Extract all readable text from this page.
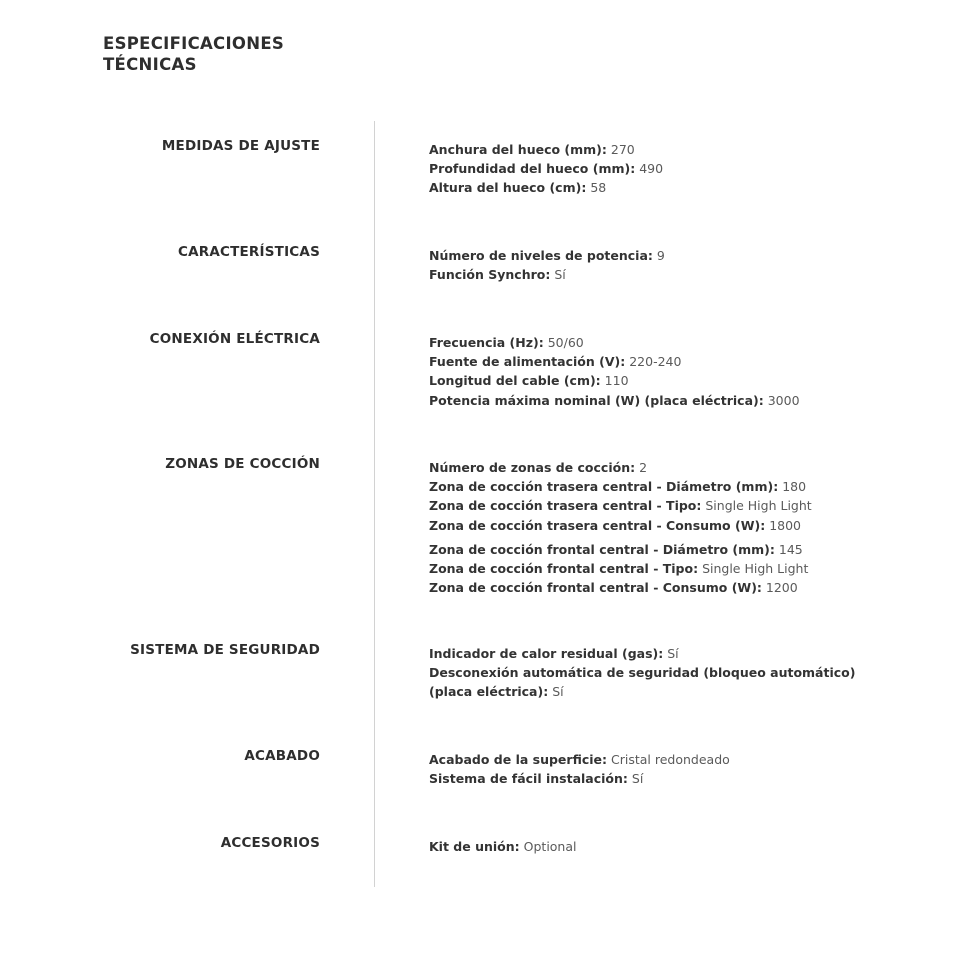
ESPECIFICACIONES
TÉCNICAS
MEDIDAS DE AJUSTE	Anchura del hueco (mm): 270
Profundidad del hueco (mm): 490
Altura del hueco (cm): 58
CARACTERÍSTICAS	Número de niveles de potencia: 9
Función Synchro: Sí
CONEXIÓN ELÉCTRICA	Frecuencia (Hz): 50/60
Fuente de alimentación (V): 220-240
Longitud del cable (cm): 110
Potencia máxima nominal (W) (placa eléctrica): 3000
ZONAS DE COCCIÓN	Número de zonas de cocción: 2
Zona de cocción trasera central - Diámetro (mm): 180
Zona de cocción trasera central - Tipo: Single High Light
Zona de cocción trasera central - Consumo (W): 1800
Zona de cocción frontal central - Diámetro (mm): 145
Zona de cocción frontal central - Tipo: Single High Light
Zona de cocción frontal central - Consumo (W): 1200
SISTEMA DE SEGURIDAD	Indicador de calor residual (gas): Sí
Desconexión automática de seguridad (bloqueo automático) (placa eléctrica): Sí
ACABADO	Acabado de la superficie: Cristal redondeado
Sistema de fácil instalación: Sí
ACCESORIOS	Kit de unión: Optional
